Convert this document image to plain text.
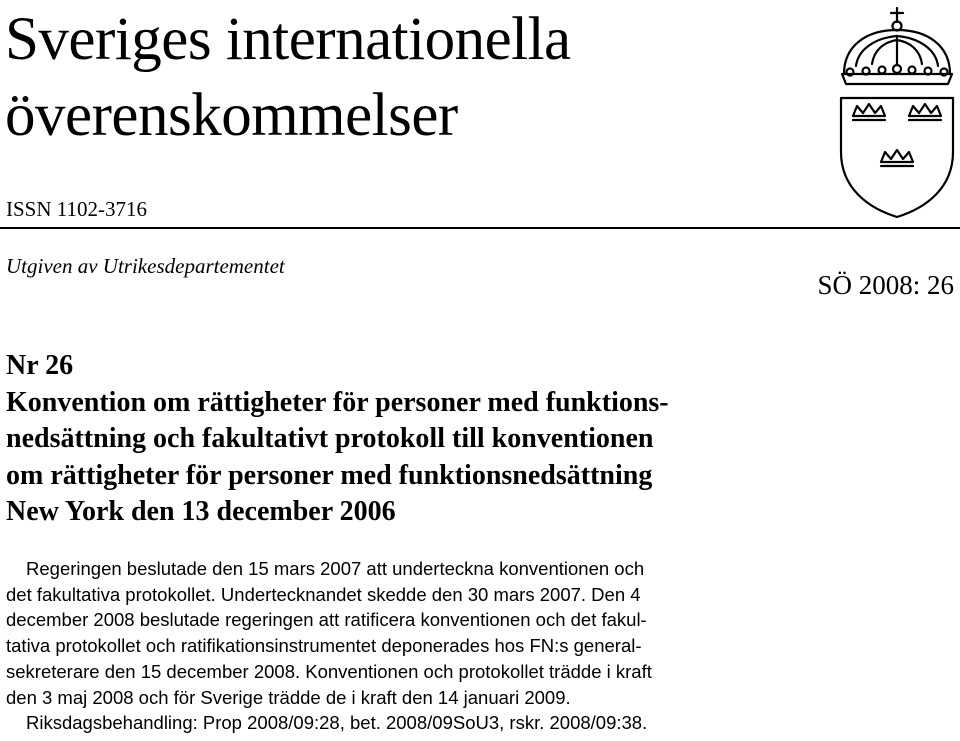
Sveriges internationella
överenskommelser
ISSN 1102-3716
Utgiven av Utrikesdepartementet
SÖ 2008: 26
Nr 26
Konvention om rättigheter för personer med funktions-
nedsättning och fakultativt protokoll till konventionen
om rättigheter för personer med funktionsnedsättning
New York den 13 december 2006
Regeringen beslutade den 15 mars 2007 att underteckna konventionen och
det fakultativa protokollet. Undertecknandet skedde den 30 mars 2007. Den 4
december 2008 beslutade regeringen att ratificera konventionen och det fakul-
tativa protokollet och ratifikationsinstrumentet deponerades hos FN:s general-
sekreterare den 15 december 2008. Konventionen och protokollet trädde i kraft
den 3 maj 2008 och för Sverige trädde de i kraft den 14 januari 2009.
Riksdagsbehandling: Prop 2008/09:28, bet. 2008/09SoU3, rskr. 2008/09:38.
